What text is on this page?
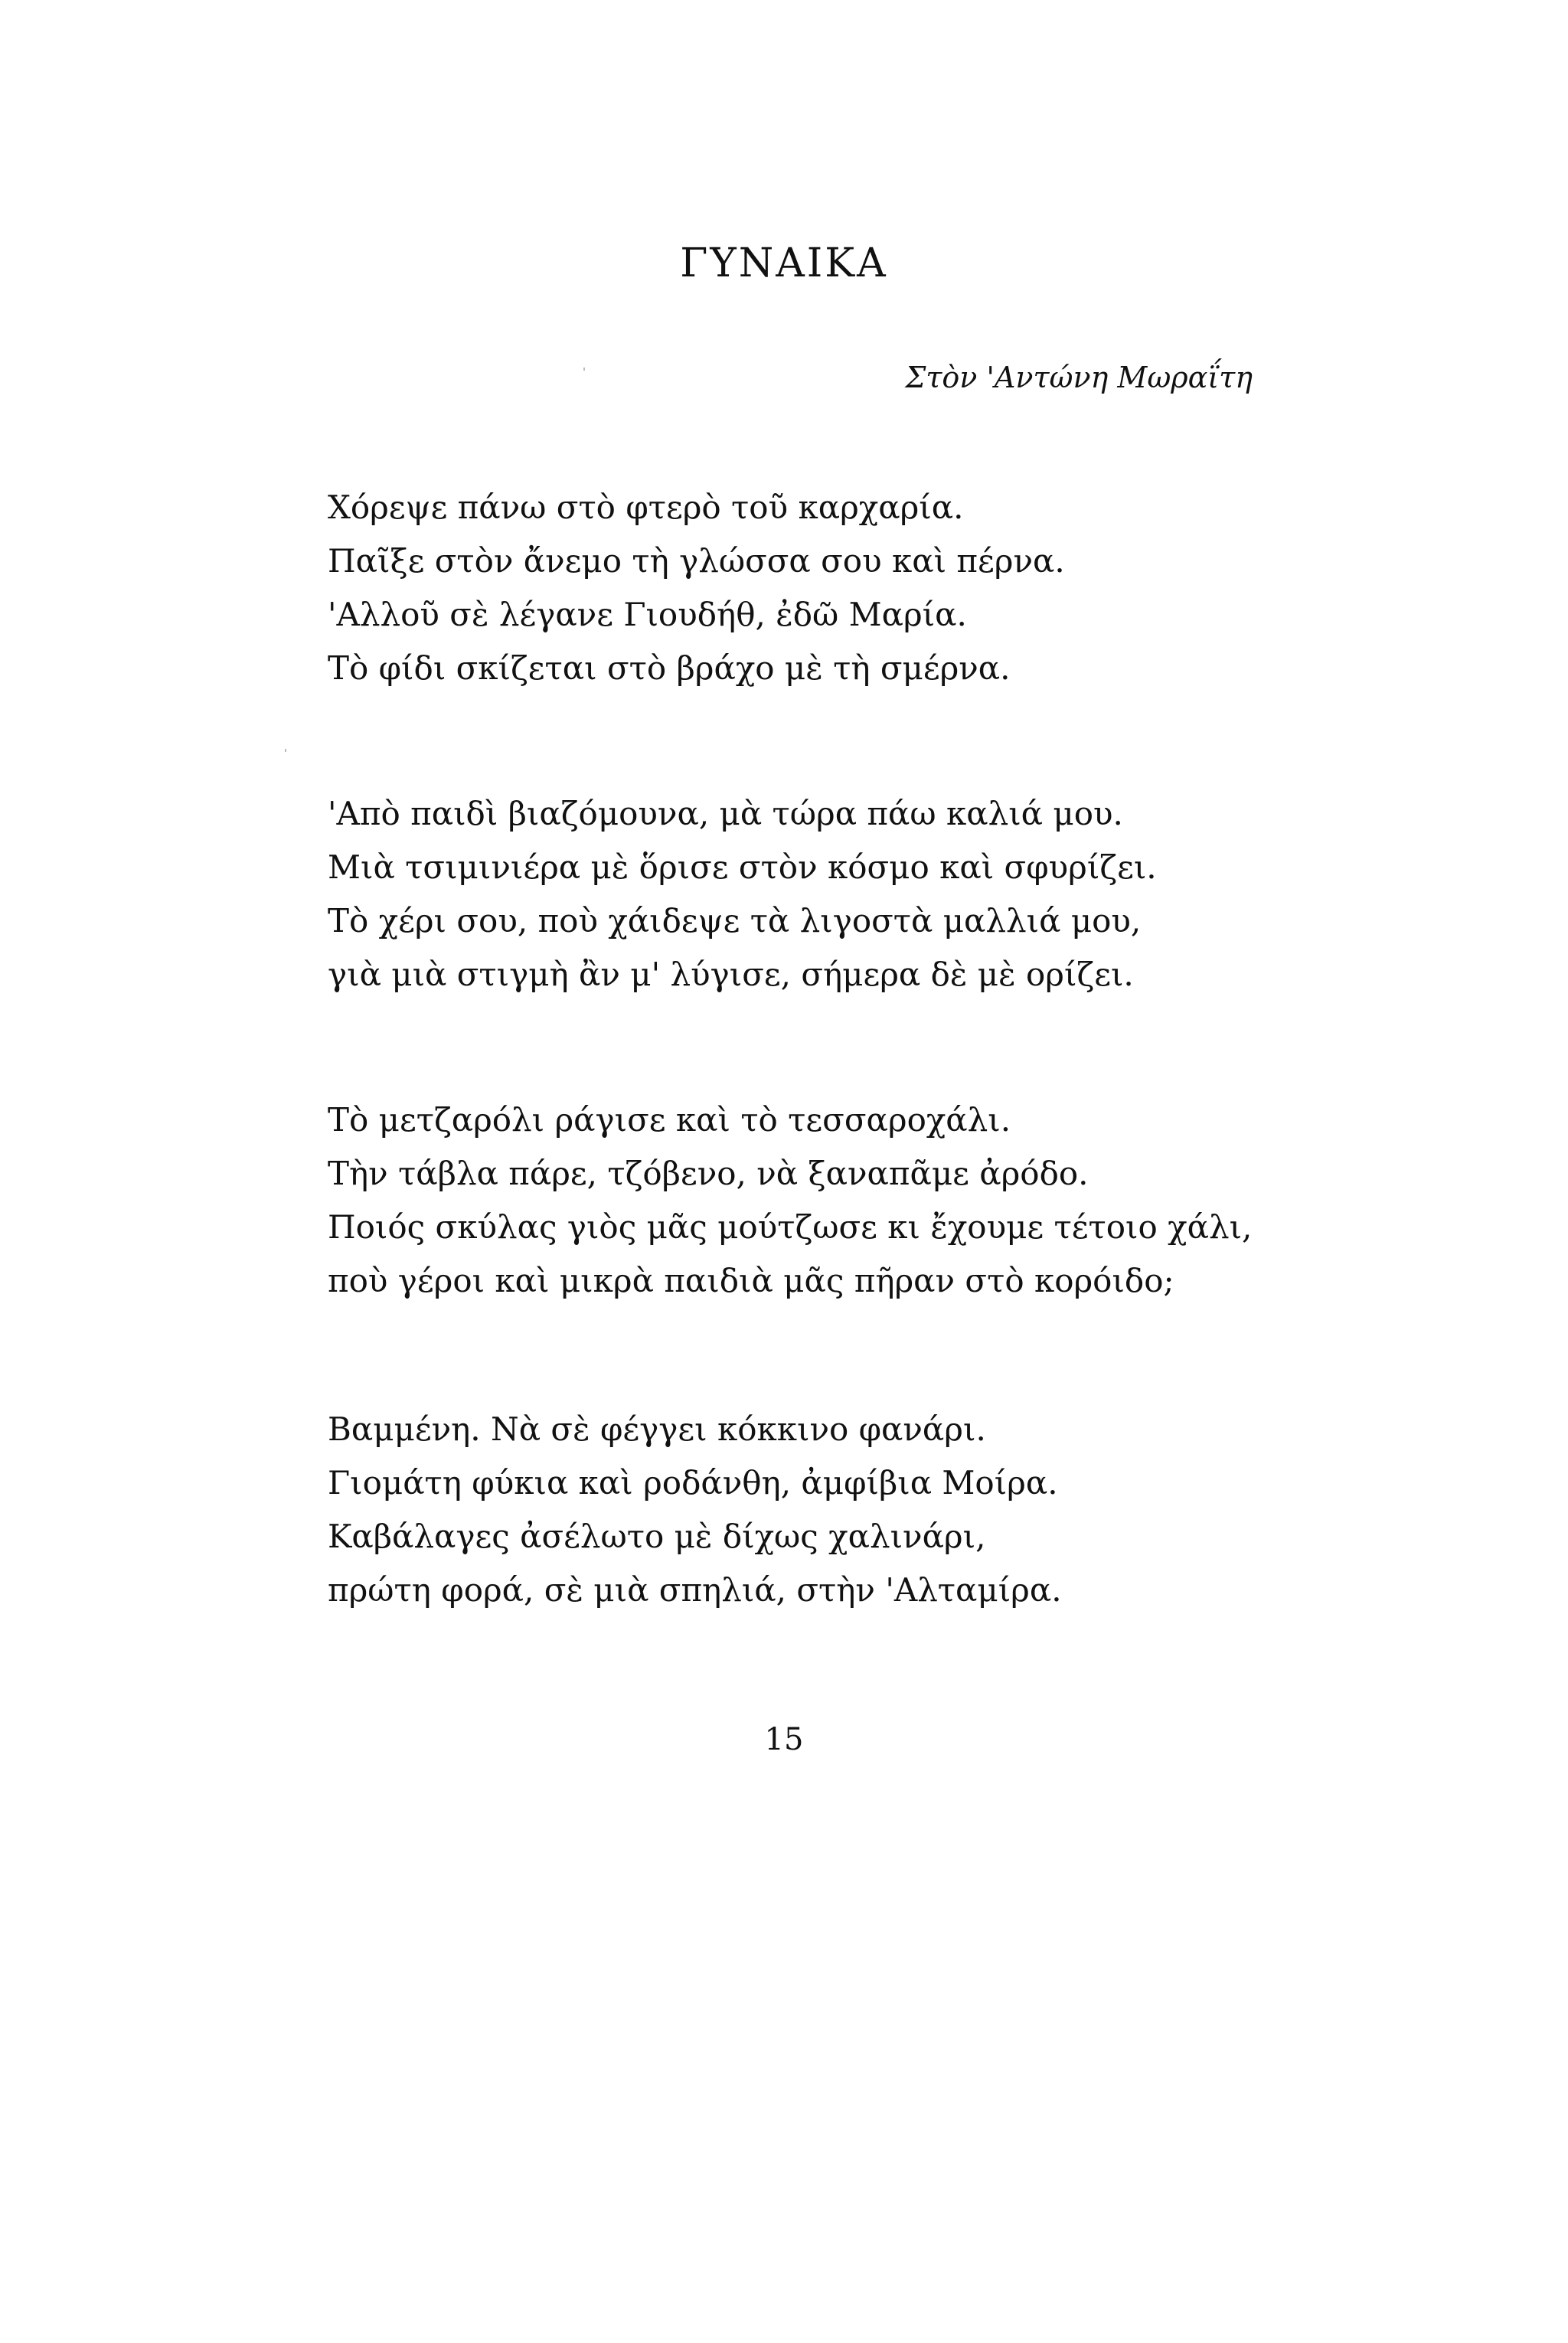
ΓΥΝΑΙΚΑ
Στὸν 'Αντώνη Μωραΐτη
Χόρεψε πάνω στὸ φτερὸ τοῦ καρχαρία.
Παῖξε στὸν ἄνεμο τὴ γλώσσα σου καὶ πέρνα.
'Αλλοῦ σὲ λέγανε Γιουδήθ, ἐδῶ Μαρία.
Τὸ φίδι σκίζεται στὸ βράχο μὲ τὴ σμέρνα.
'Απὸ παιδὶ βιαζόμουνα, μὰ τώρα πάω καλιά μου.
Μιὰ τσιμινιέρα μὲ ὅρισε στὸν κόσμο καὶ σφυρίζει.
Τὸ χέρι σου, ποὺ χάιδεψε τὰ λιγοστὰ μαλλιά μου,
γιὰ μιὰ στιγμὴ ἂν μ' λύγισε, σήμερα δὲ μὲ ορίζει.
Τὸ μετζαρόλι ράγισε καὶ τὸ τεσσαροχάλι.
Τὴν τάβλα πάρε, τζόβενο, νὰ ξαναπᾶμε ἀρόδο.
Ποιός σκύλας γιὸς μᾶς μούτζωσε κι ἔχουμε τέτοιο χάλι,
ποὺ γέροι καὶ μικρὰ παιδιὰ μᾶς πῆραν στὸ κορόιδο;
Βαμμένη. Νὰ σὲ φέγγει κόκκινο φανάρι.
Γιομάτη φύκια καὶ ροδάνθη, ἀμφίβια Μοίρα.
Καβάλαγες ἀσέλωτο μὲ δίχως χαλινάρι,
πρώτη φορά, σὲ μιὰ σπηλιά, στὴν 'Αλταμίρα.
15
